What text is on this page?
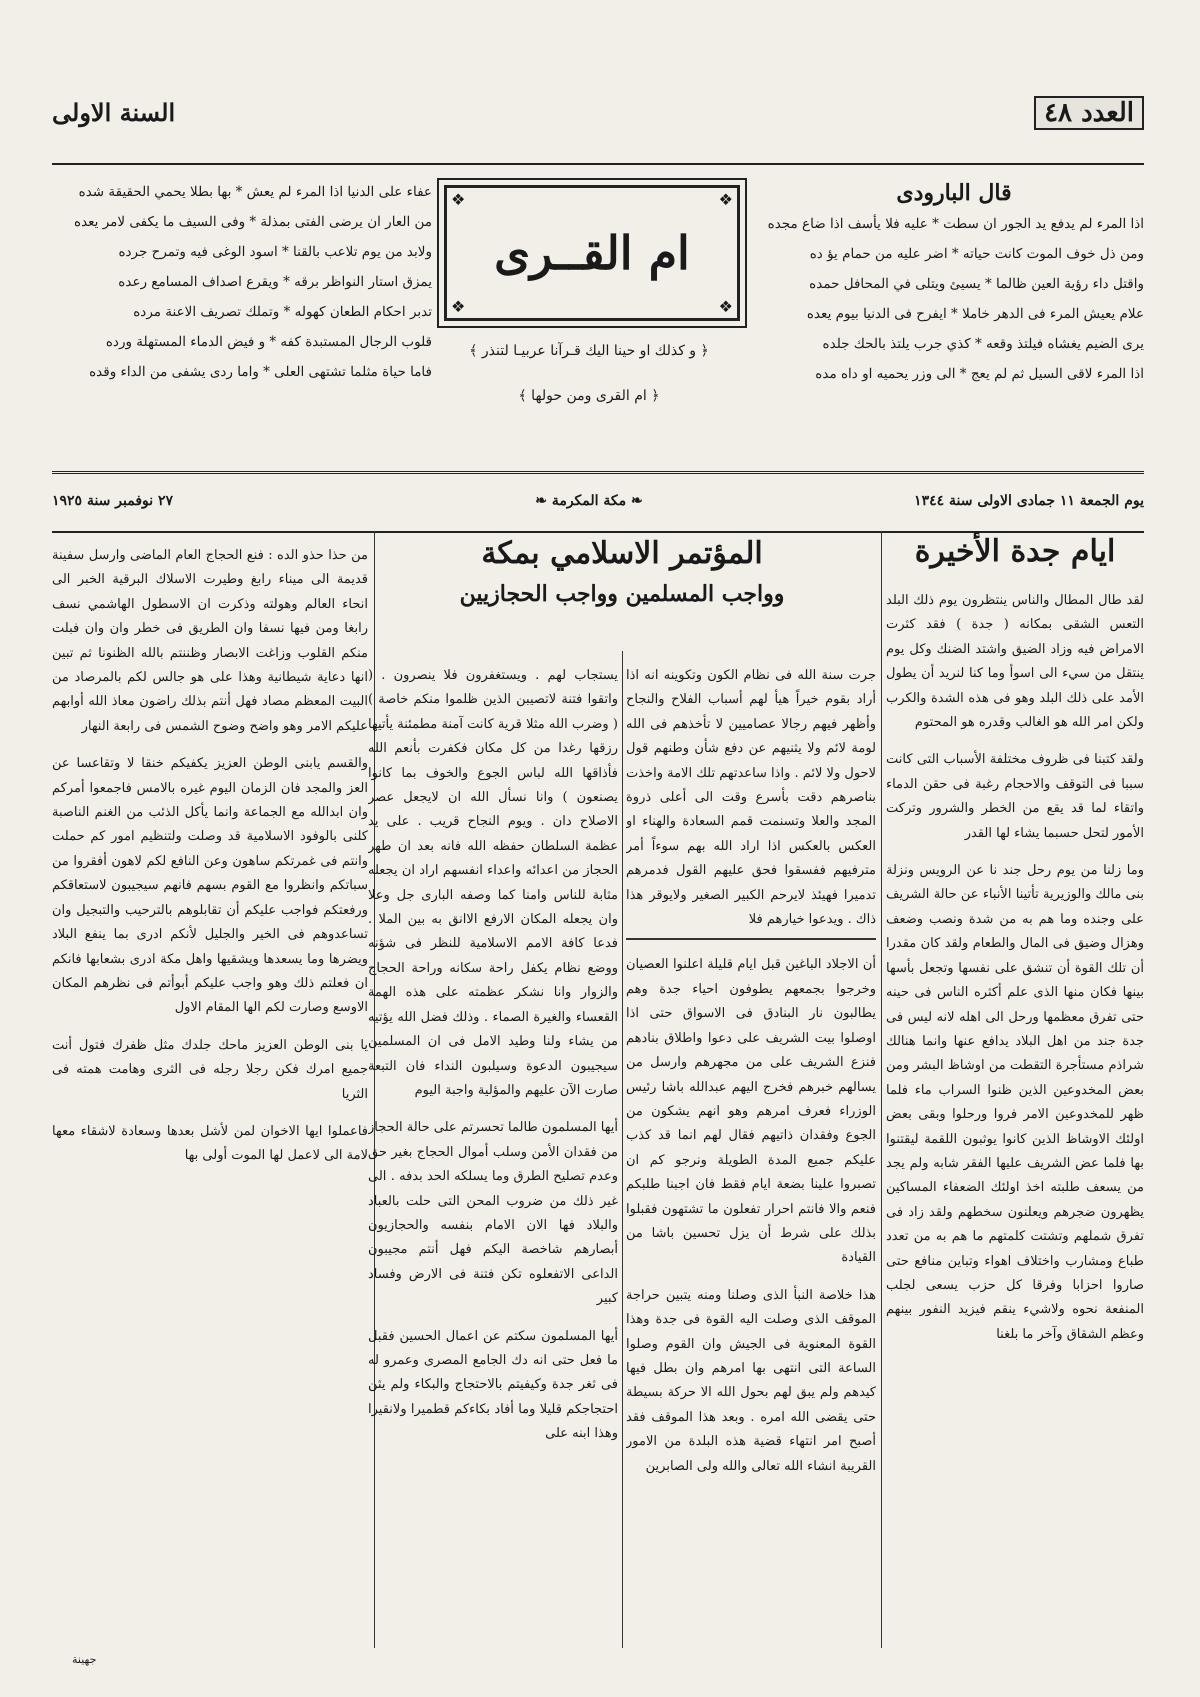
العدد ٤٨
السنة الاولى
قال البارودى
اذا المرء لم يدفع يد الجور ان سطت * عليه فلا يأسف اذا ضاع مجده
ومن ذل خوف الموت كانت حياته * اضر عليه من حمام يؤ ده
واقتل داء رؤية العين ظالما * يسيئ ويتلى في المحافل حمده
علام يعيش المرء فى الدهر خاملا * ايفرح فى الدنيا بيوم يعده
يرى الضيم يغشاه فيلتذ وقعه * كذي جرب يلتذ بالحك جلده
اذا المرء لاقى السيل ثم لم يعج * الى وزر يحميه او داه مده
❖
❖
❖
❖
ام القــرى
﴿ و كذلك او حينا اليك قـرآنا عربيـا لتنذر ﴾
﴿ ام القرى ومن حولها ﴾
عفاء على الدنيا اذا المرء لم يعش * بها بطلا يحمي الحقيقة شده
من العار ان يرضى الفتى بمذلة * وفى السيف ما يكفى لامر يعده
ولابد من يوم تلاعب بالقنا * اسود الوغى فيه وتمرح جرده
يمزق استار النواظر برقه * ويقرع اصداف المسامع رعده
تدبر احكام الطعان كهوله * وتملك تصريف الاعنة مرده
قلوب الرجال المستبدة كفه * و فيض الدماء المستهلة ورده
فاما حياة مثلما تشتهى العلى * واما ردى يشفى من الداء وقده
يوم الجمعة ١١ جمادى الاولى سنة ١٣٤٤
❧ مكة المكرمة ❧
٢٧ نوفمبر سنة ١٩٢٥
ايام جدة الأخيرة

لقد طال المطال والناس ينتظرون يوم ذلك البلد التعس الشقى بمكانه ( جدة ) فقد كثرت الامراض فيه وزاد الضيق واشتد الضنك وكل يوم ينتقل من سيء الى اسوأ وما كنا لنريد أن يطول الأمد على ذلك البلد وهو فى هذه الشدة والكرب ولكن امر الله هو الغالب وقدره هو المحتوم

ولقد كتبنا فى ظروف مختلفة الأسباب التى كانت سببا فى التوقف والاحجام رغبة فى حقن الدماء واتقاء لما قد يقع من الخطر والشرور وتركت الأمور لتحل حسبما يشاء لها القدر

وما زلنا من يوم رحل جند نا عن الرويس ونزلة بنى مالك والوزيرية تأتينا الأنباء عن حالة الشريف على وجنده وما هم به من شدة ونصب وضعف وهزال وضيق فى المال والطعام ولقد كان مقدرا أن تلك القوة أن تنشق على نفسها وتجعل بأسها بينها فكان منها الذى علم أكثره الناس فى حينه حتى تفرق معظمها ورحل الى اهله لانه ليس فى جدة جند من اهل البلاد يدافع عنها وانما هنالك شراذم مستأجرة التقطت من اوشاظ البشر ومن بعض المخدوعين الذين ظنوا السراب ماء فلما ظهر للمخدوعين الامر فروا ورحلوا وبقى بعض اولئك الاوشاظ الذين كانوا يوثبون اللقمة ليقتنوا بها فلما عض الشريف عليها الفقر شابه ولم يجد من يسعف طلبته اخذ اولئك الضعفاء المساكين يظهرون ضجرهم ويعلنون سخطهم ولقد زاد فى تفرق شملهم وتشتت كلمتهم ما هم به من تعدد طباع ومشارب واختلاف اهواء وتباين منافع حتى صاروا احزابا وفرقا كل حزب يسعى لجلب المنفعة نحوه ولاشيء ينقم فيزيد النفور بينهم وعظم الشقاق وآخر ما بلغنا

المؤتمر الاسلامي بمكة
وواجب المسلمين وواجب الحجازيين

جرت سنة الله فى نظام الكون وتكوينه انه اذا أراد بقوم خيراً هيأ لهم أسباب الفلاح والنجاح وأظهر فيهم رجالا عصاميين لا تأخذهم فى الله لومة لائم ولا يثنيهم عن دفع شأن وطنهم قول لاحول ولا لائم . واذا ساعدتهم تلك الامة واخذت بناصرهم دقت بأسرع وقت الى أعلى ذروة المجد والعلا وتسنمت قمم السعادة والهناء او العكس بالعكس اذا اراد الله بهم سوءاً أمر مترفيهم ففسقوا فحق عليهم القول فدمرهم تدميرا فهيئذ لايرحم الكبير الصغير ولايوقر هذا ذاك . ويدعوا خيارهم فلا

أن الاجلاد الباغين قبل ايام قليلة اعلنوا العصيان وخرجوا بجمعهم يطوفون احياء جدة وهم يطالبون نار البنادق فى الاسواق حتى اذا اوصلوا بيت الشريف على دعوا واطلاق بنادهم فنزع الشريف على من مجهرهم وارسل من يسالهم خبرهم فخرج اليهم عبدالله باشا رئيس الوزراء فعرف امرهم وهو انهم يشكون من الجوع وفقدان ذاتيهم فقال لهم انما قد كذب عليكم جميع المدة الطويلة ونرجو كم ان تصبروا علينا بضعة ايام فقط فان اجبنا طلبكم فنعم والا فانتم احرار تفعلون ما تشتهون فقبلوا بذلك على شرط أن يزل تحسين باشا من القيادة

هذا خلاصة النبأ الذى وصلنا ومنه يتبين حراجة الموقف الذى وصلت اليه القوة فى جدة وهذا القوة المعنوية فى الجيش وان القوم وصلوا الساعة التى انتهى بها امرهم وان بطل فيها كيدهم ولم يبق لهم بحول الله الا حركة بسيطة حتى يقضى الله امره . وبعد هذا الموقف فقد أصبح امر انتهاء قضية هذه البلدة من الامور القريبة انشاء الله تعالى والله ولى الصابرين

يستجاب لهم . ويستغفرون فلا ينصرون . ( واتقوا فتنة لاتصيبن الذين ظلموا منكم خاصة ) ( وضرب الله مثلا قرية كانت آمنة مطمئنة يأتيها رزقها رغدا من كل مكان فكفرت بأنعم الله فأذاقها الله لباس الجوع والخوف بما كانوا يصنعون ) وانا نسأل الله ان لايجعل عصر الاصلاح دان . ويوم النجاح قريب . على يد عظمة السلطان حفظه الله فانه بعد ان طهر الحجاز من اعدائه واعداء انفسهم اراد ان يجعله مثابة للناس وامنا كما وصفه البارى جل وعلا وان يجعله المكان الارفع الاانق به بين الملا . فدعا كافة الامم الاسلامية للنظر فى شؤنه ووضع نظام يكفل راحة سكانه وراحة الحجاج والزوار وانا نشكر عظمته على هذه الهمة القعساء والغيرة الصماء . وذلك فضل الله يؤتيه من يشاء ولنا وطيد الامل فى ان المسلمين سيجيبون الدعوة وسيلبون النداء فان التبعة صارت الآن عليهم والمؤلية واجبة اليوم

أيها المسلمون طالما تحسرتم على حالة الحجاز من فقدان الأمن وسلب أموال الحجاج بغير حق وعدم تصليح الطرق وما يسلكه الحد بدفه . الى غير ذلك من ضروب المحن التى حلت بالعباد والبلاد فها الان الامام بنفسه والحجازيون أبصارهم شاخصة اليكم فهل أنتم مجيبون الداعى الاتفعلوه تكن فتنة فى الارض وفساد كبير

أيها المسلمون سكتم عن اعمال الحسين فقبل ما فعل حتى انه دك الجامع المصرى وعمرو له فى ثغر جدة وكيفيتم بالاحتجاج والبكاء ولم يثن احتجاجكم قليلا وما أفاد بكاءكم قطميرا ولانقيرا وهذا ابنه على

من حذا حذو الده : فنع الحجاج العام الماضى وارسل سفينة قديمة الى ميناء رابغ وطيرت الاسلاك البرقية الخبر الى انحاء العالم وهولته وذكرت ان الاسطول الهاشمي نسف رابغا ومن فيها نسفا وان الطريق فى خطر وان وان فبلت منكم القلوب وزاغت الابصار وظننتم بالله الظنونا ثم تبين انها دعاية شيطانية وهذا على هو جالس لكم بالمرصاد من البيت المعظم مصاد فهل أنتم بذلك راضون معاذ الله أوابهم عليكم الامر وهو واضح وضوح الشمس فى رابعة النهار

والقسم يابنى الوطن العزيز يكفيكم خنقا لا وتقاعسا عن العز والمجد فان الزمان اليوم غيره بالامس فاجمعوا أمركم وان ابدالله مع الجماعة وانما يأكل الذئب من الغنم الناصبة كلنى بالوفود الاسلامية قد وصلت ولتنظيم امور كم حملت وانتم فى غمرتكم ساهون وعن النافع لكم لاهون أفقروا من سباتكم وانظروا مع القوم بسهم فانهم سيجيبون لاستعاقكم ورفعتكم فواجب عليكم أن تقابلوهم بالترحيب والتبجيل وان تساعدوهم فى الخير والجليل لأنكم ادرى بما ينفع البلاد ويضرها وما يسعدها ويشقيها واهل مكة ادرى بشعابها فانكم ان فعلتم ذلك وهو واجب عليكم أبوأتم فى نظرهم المكان الاوسع وصارت لكم الها المقام الاول

يا بنى الوطن العزيز ماحك جلدك مثل ظفرك فتول أنت جميع امرك فكن رجلا رجله فى الثرى وهامت همته فى الثريا

فاعملوا ايها الاخوان لمن لأشل بعدها وسعادة لاشقاء معها لامة الى لاعمل لها الموت أولى بها

جهينة
